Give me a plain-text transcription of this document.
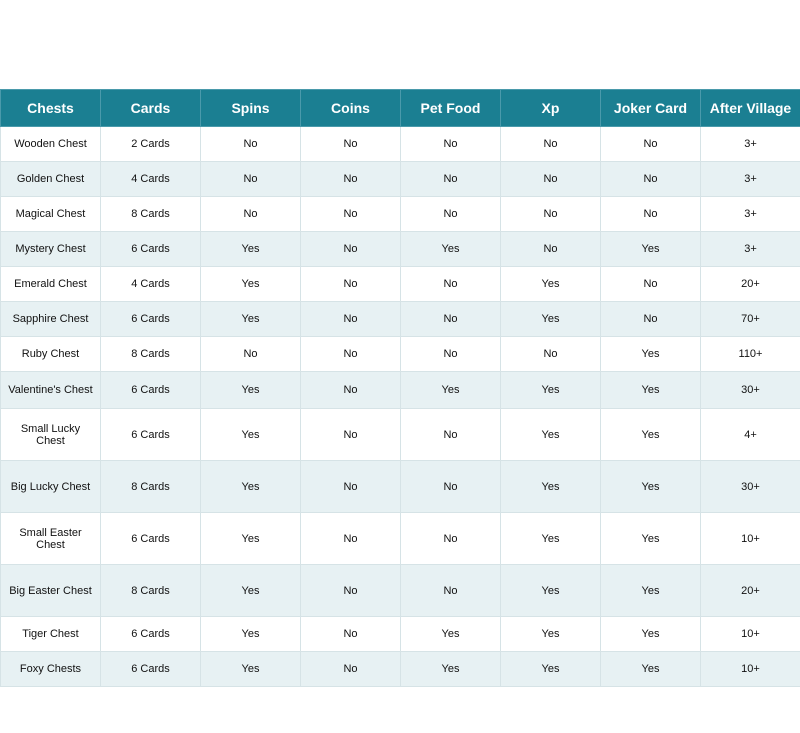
Chests	Cards	Spins	Coins	Pet Food	Xp	Joker Card	After Village
Wooden Chest	2 Cards	No	No	No	No	No	3+
Golden Chest	4 Cards	No	No	No	No	No	3+
Magical Chest	8 Cards	No	No	No	No	No	3+
Mystery Chest	6 Cards	Yes	No	Yes	No	Yes	3+
Emerald Chest	4 Cards	Yes	No	No	Yes	No	20+
Sapphire Chest	6 Cards	Yes	No	No	Yes	No	70+
Ruby Chest	8 Cards	No	No	No	No	Yes	110+
Valentine's Chest	6 Cards	Yes	No	Yes	Yes	Yes	30+
Small Lucky Chest	6 Cards	Yes	No	No	Yes	Yes	4+
Big Lucky Chest	8 Cards	Yes	No	No	Yes	Yes	30+
Small Easter Chest	6 Cards	Yes	No	No	Yes	Yes	10+
Big Easter Chest	8 Cards	Yes	No	No	Yes	Yes	20+
Tiger Chest	6 Cards	Yes	No	Yes	Yes	Yes	10+
Foxy Chests	6 Cards	Yes	No	Yes	Yes	Yes	10+
